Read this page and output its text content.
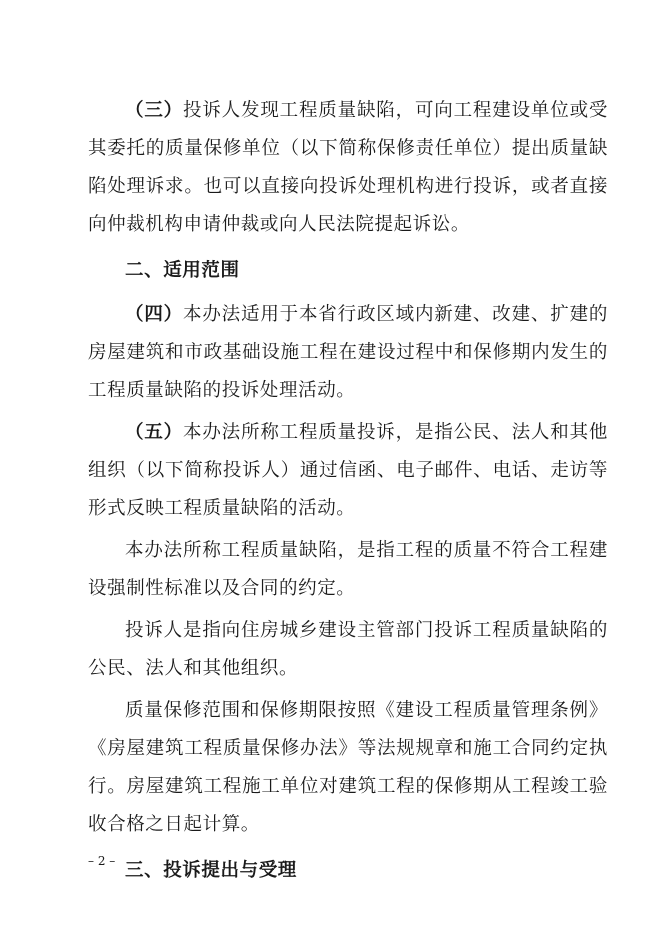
（三）投诉人发现工程质量缺陷，可向工程建设单位或受其委托的质量保修单位（以下简称保修责任单位）提出质量缺陷处理诉求。也可以直接向投诉处理机构进行投诉，或者直接向仲裁机构申请仲裁或向人民法院提起诉讼。

二、适用范围

（四）本办法适用于本省行政区域内新建、改建、扩建的房屋建筑和市政基础设施工程在建设过程中和保修期内发生的工程质量缺陷的投诉处理活动。

（五）本办法所称工程质量投诉，是指公民、法人和其他组织（以下简称投诉人）通过信函、电子邮件、电话、走访等形式反映工程质量缺陷的活动。

本办法所称工程质量缺陷，是指工程的质量不符合工程建设强制性标准以及合同的约定。

投诉人是指向住房城乡建设主管部门投诉工程质量缺陷的公民、法人和其他组织。

质量保修范围和保修期限按照《建设工程质量管理条例》《房屋建筑工程质量保修办法》等法规规章和施工合同约定执行。房屋建筑工程施工单位对建筑工程的保修期从工程竣工验收合格之日起计算。

三、投诉提出与受理

– 2 –
